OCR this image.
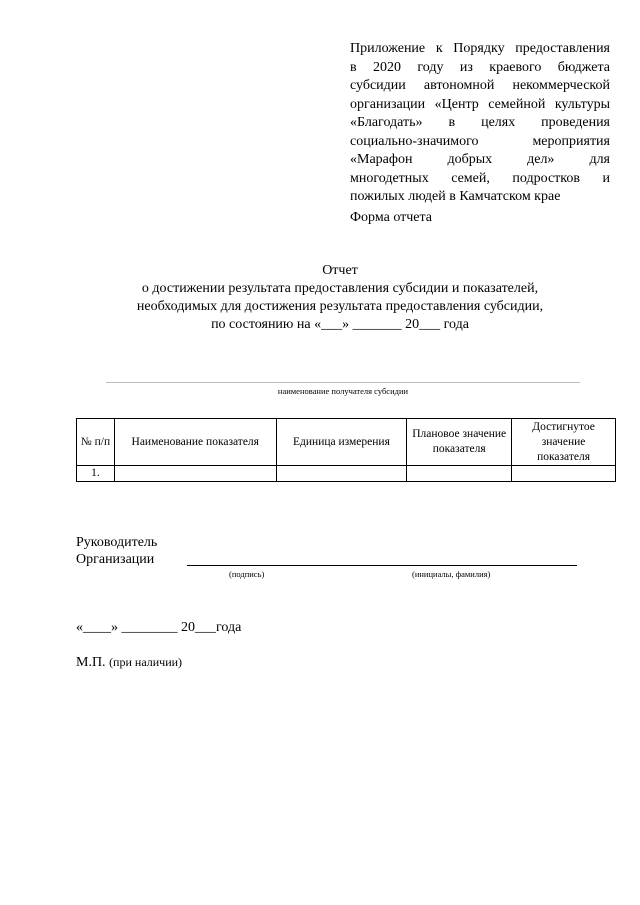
Приложение к Порядку предоставления
в 2020 году из краевого бюджета
субсидии автономной некоммерческой
организации «Центр семейной культуры
«Благодать» в целях проведения
социально-значимого мероприятия
«Марафон добрых дел» для
многодетных семей, подростков и
пожилых людей в Камчатском крае
Форма отчета
Отчет
о достижении результата предоставления субсидии и показателей,
необходимых для достижения результата предоставления субсидии,
по состоянию на «___» _______ 20___ года
наименование получателя субсидии
№ п/п	Наименование показателя	Единица измерения	Плановое значение показателя	Достигнутое значение показателя
1.				
Руководитель
Организации
(подпись)	(инициалы, фамилия)
«____» ________ 20___года
М.П. (при наличии)
